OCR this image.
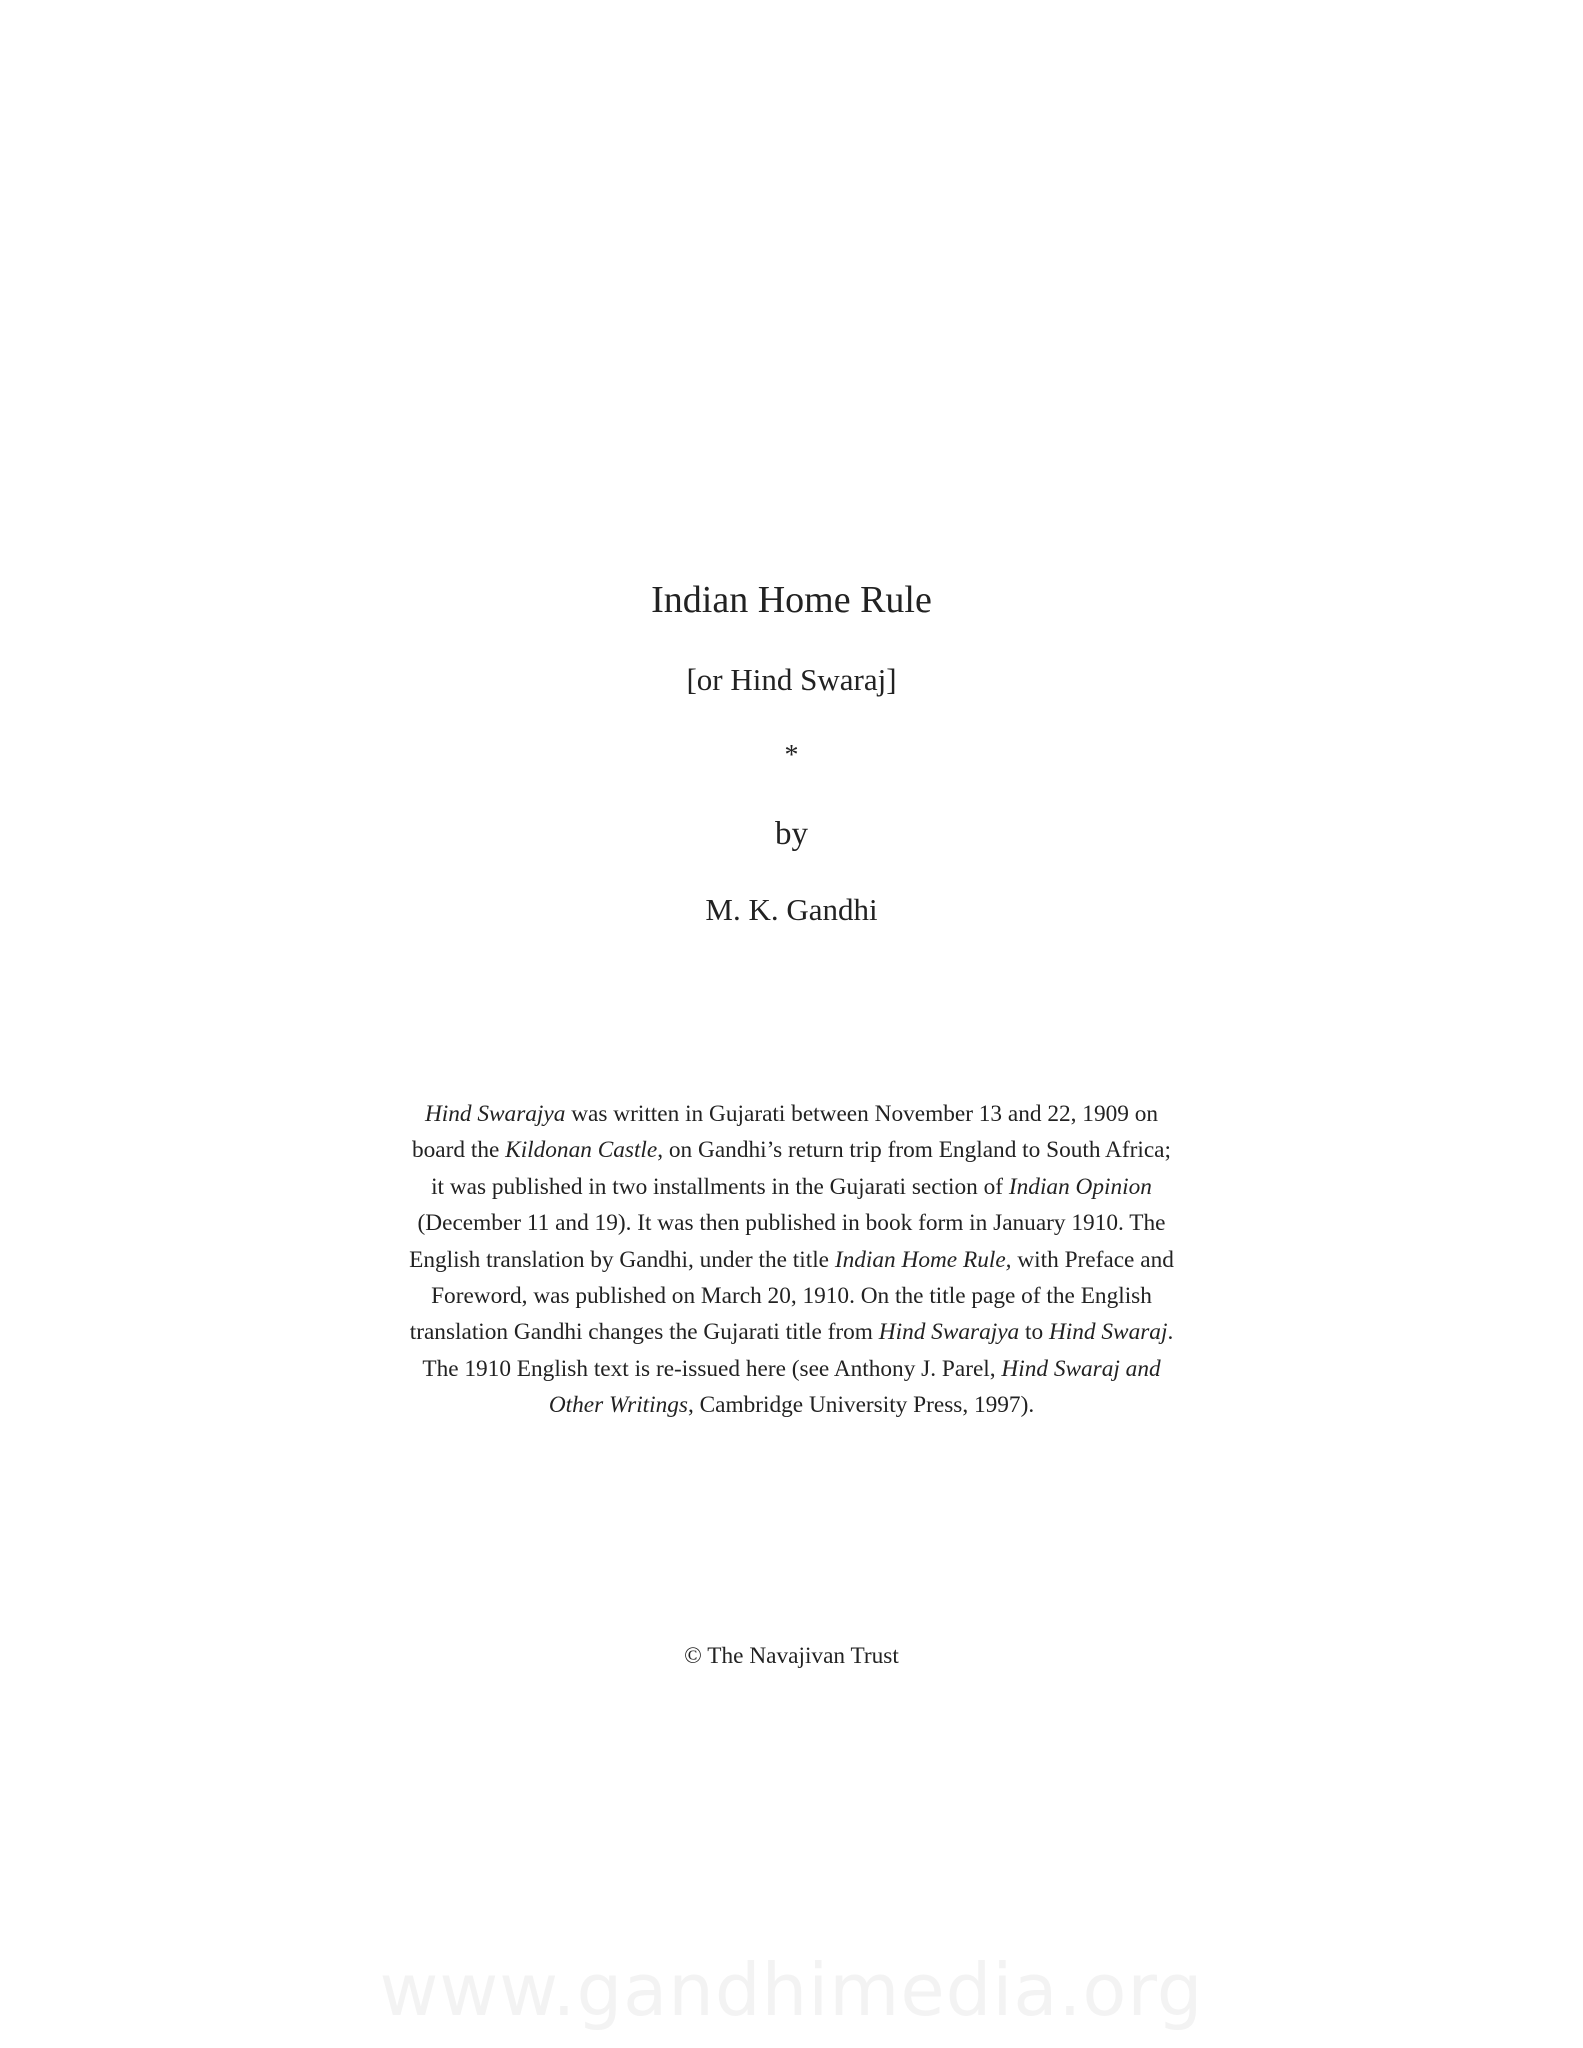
Indian Home Rule
[or Hind Swaraj]
*
by
M. K. Gandhi
Hind Swarajya was written in Gujarati between November 13 and 22, 1909 on
board the Kildonan Castle, on Gandhi’s return trip from England to South Africa;
it was published in two installments in the Gujarati section of Indian Opinion
(December 11 and 19). It was then published in book form in January 1910. The
English translation by Gandhi, under the title Indian Home Rule, with Preface and
Foreword, was published on March 20, 1910. On the title page of the English
translation Gandhi changes the Gujarati title from Hind Swarajya to Hind Swaraj.
The 1910 English text is re-issued here (see Anthony J. Parel, Hind Swaraj and
Other Writings, Cambridge University Press, 1997).
© The Navajivan Trust
www.gandhimedia.org
